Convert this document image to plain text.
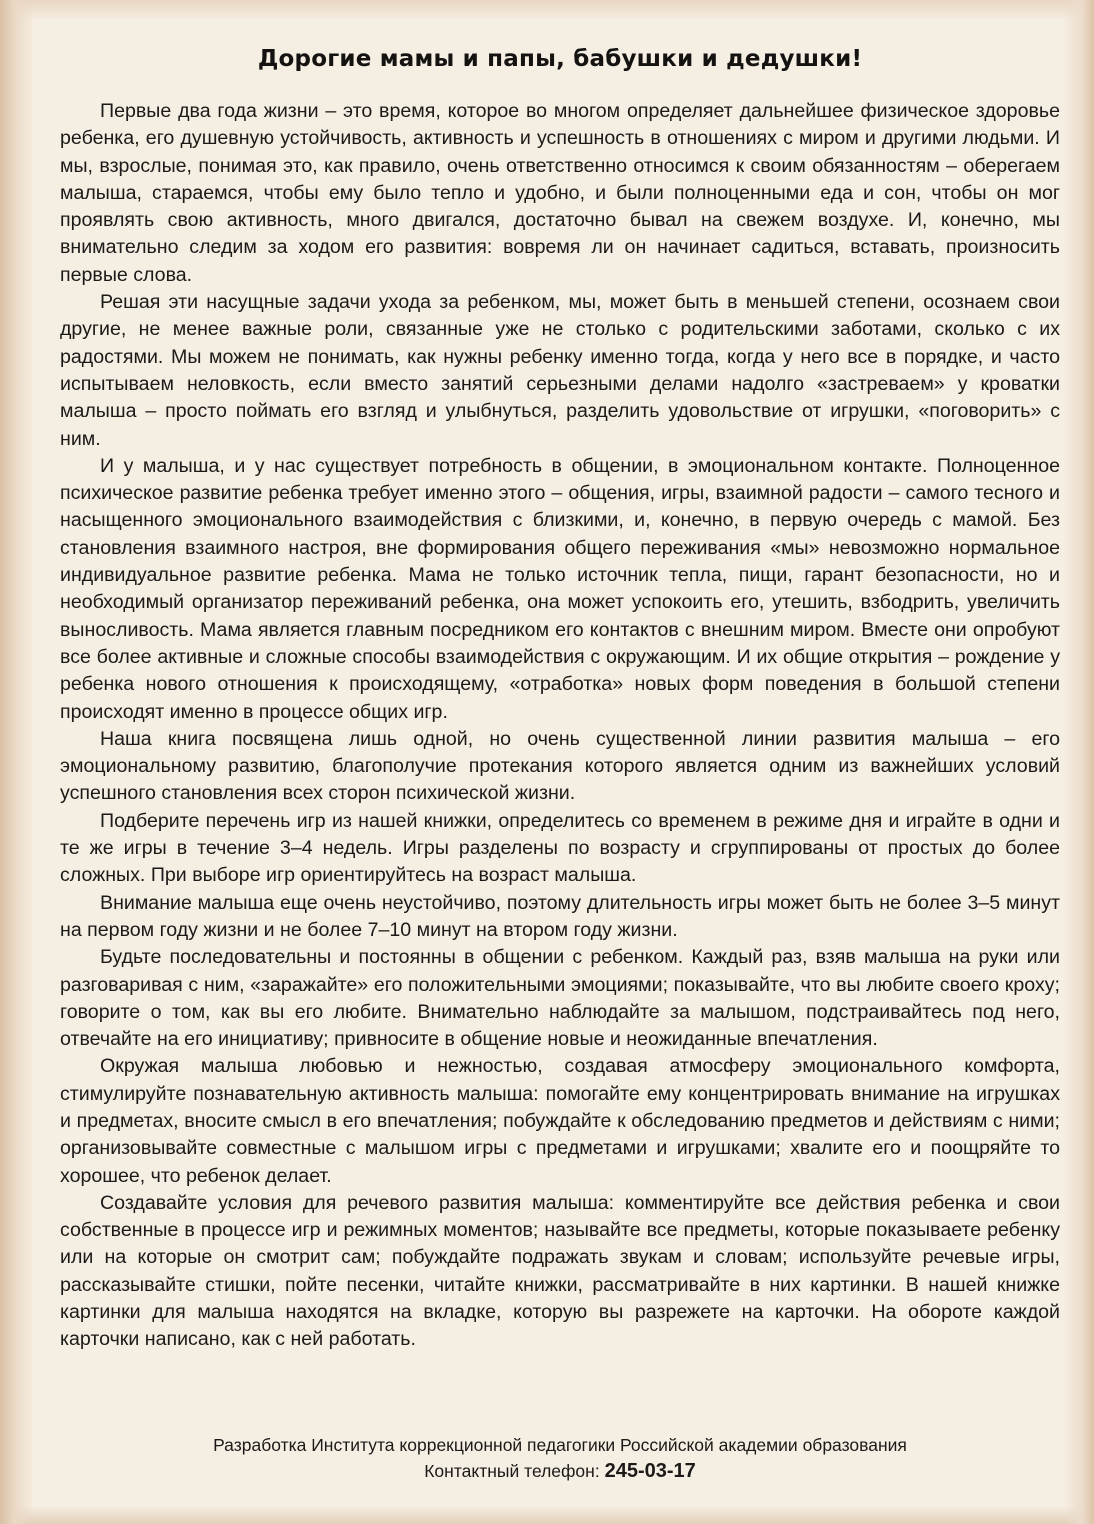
Дорогие мамы и папы, бабушки и дедушки!

Первые два года жизни – это время, которое во многом определяет дальнейшее физическое здоровье ребенка, его душевную устойчивость, активность и успешность в отношениях с миром и другими людьми. И мы, взрослые, понимая это, как правило, очень ответственно относимся к своим обязанностям – оберегаем малыша, стараемся, чтобы ему было тепло и удобно, и были полноценными еда и сон, чтобы он мог проявлять свою активность, много двигался, достаточно бывал на свежем воздухе. И, конечно, мы внимательно следим за ходом его развития: вовремя ли он начинает садиться, вставать, произносить первые слова.

Решая эти насущные задачи ухода за ребенком, мы, может быть в меньшей степени, осознаем свои другие, не менее важные роли, связанные уже не столько с родительскими заботами, сколько с их радостями. Мы можем не понимать, как нужны ребенку именно тогда, когда у него все в порядке, и часто испытываем неловкость, если вместо занятий серьезными делами надолго «застреваем» у кроватки малыша – просто поймать его взгляд и улыбнуться, разделить удовольствие от игрушки, «поговорить» с ним.

И у малыша, и у нас существует потребность в общении, в эмоциональном контакте. Полноценное психическое развитие ребенка требует именно этого – общения, игры, взаимной радости – самого тесного и насыщенного эмоционального взаимодействия с близкими, и, конечно, в первую очередь с мамой. Без становления взаимного настроя, вне формирования общего переживания «мы» невозможно нормальное индивидуальное развитие ребенка. Мама не только источник тепла, пищи, гарант безопасности, но и необходимый организатор переживаний ребенка, она может успокоить его, утешить, взбодрить, увеличить выносливость. Мама является главным посредником его контактов с внешним миром. Вместе они опробуют все более активные и сложные способы взаимодействия с окружающим. И их общие открытия – рождение у ребенка нового отношения к происходящему, «отработка» новых форм поведения в большой степени происходят именно в процессе общих игр.

Наша книга посвящена лишь одной, но очень существенной линии развития малыша – его эмоциональному развитию, благополучие протекания которого является одним из важнейших условий успешного становления всех сторон психической жизни.

Подберите перечень игр из нашей книжки, определитесь со временем в режиме дня и играйте в одни и те же игры в течение 3–4 недель. Игры разделены по возрасту и сгруппированы от простых до более сложных. При выборе игр ориентируйтесь на возраст малыша.

Внимание малыша еще очень неустойчиво, поэтому длительность игры может быть не более 3–5 минут на первом году жизни и не более 7–10 минут на втором году жизни.

Будьте последовательны и постоянны в общении с ребенком. Каждый раз, взяв малыша на руки или разговаривая с ним, «заражайте» его положительными эмоциями; показывайте, что вы любите своего кроху; говорите о том, как вы его любите. Внимательно наблюдайте за малышом, подстраивайтесь под него, отвечайте на его инициативу; привносите в общение новые и неожиданные впечатления.

Окружая малыша любовью и нежностью, создавая атмосферу эмоционального комфорта, стимулируйте познавательную активность малыша: помогайте ему концентрировать внимание на игрушках и предметах, вносите смысл в его впечатления; побуждайте к обследованию предметов и действиям с ними; организовывайте совместные с малышом игры с предметами и игрушками; хвалите его и поощряйте то хорошее, что ребенок делает.

Создавайте условия для речевого развития малыша: комментируйте все действия ребенка и свои собственные в процессе игр и режимных моментов; называйте все предметы, которые показываете ребенку или на которые он смотрит сам; побуждайте подражать звукам и словам; используйте речевые игры, рассказывайте стишки, пойте песенки, читайте книжки, рассматривайте в них картинки. В нашей книжке картинки для малыша находятся на вкладке, которую вы разрежете на карточки. На обороте каждой карточки написано, как с ней работать.

Разработка Института коррекционной педагогики Российской академии образования
Контактный телефон: 245-03-17
